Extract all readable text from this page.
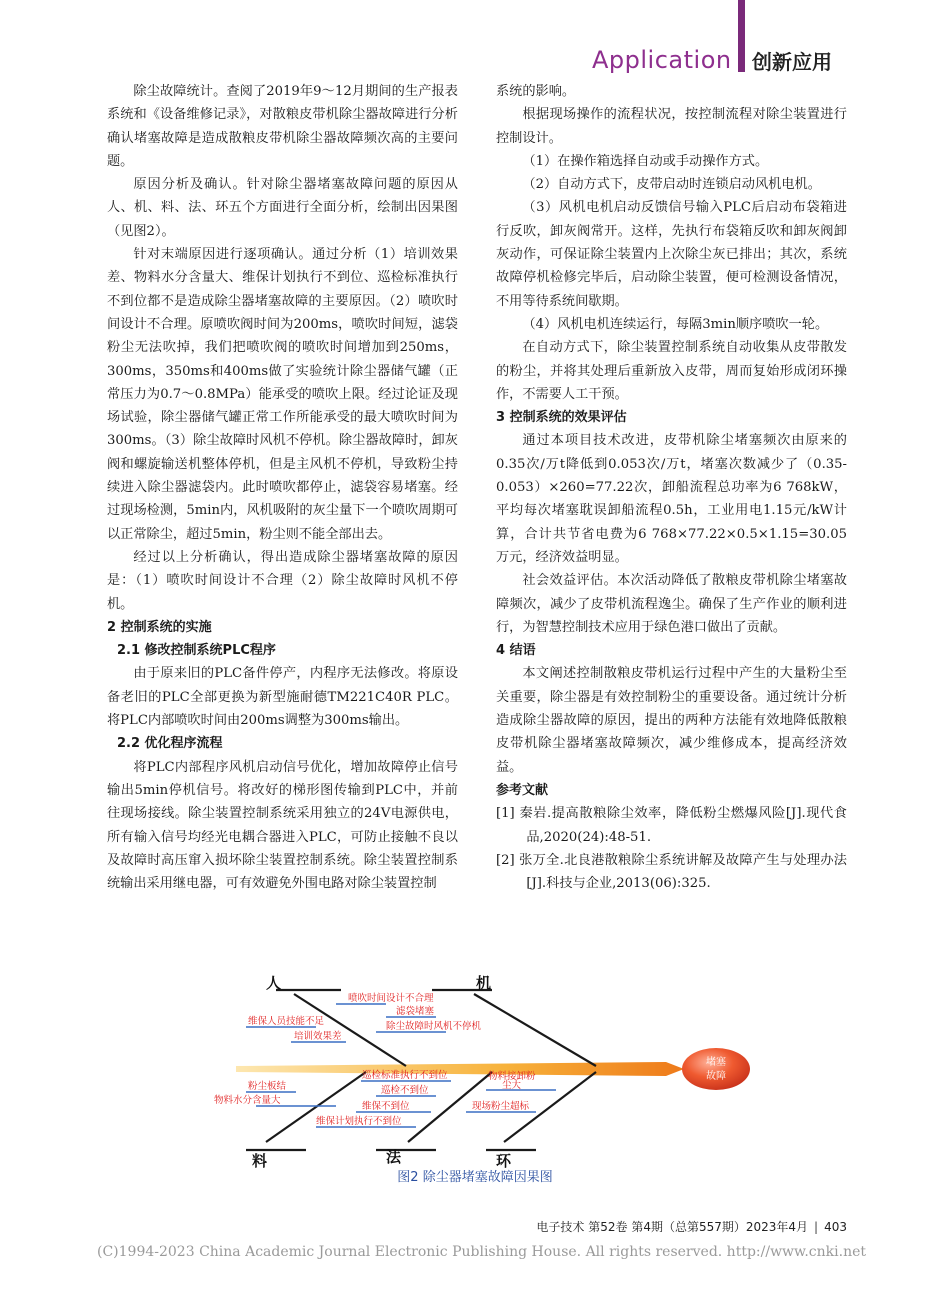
Application 创新应用

除尘故障统计。查阅了2019年9～12月期间的生产报表系统和《设备维修记录》，对散粮皮带机除尘器故障进行分析确认堵塞故障是造成散粮皮带机除尘器故障频次高的主要问题。

原因分析及确认。针对除尘器堵塞故障问题的原因从人、机、料、法、环五个方面进行全面分析，绘制出因果图（见图2）。

针对末端原因进行逐项确认。通过分析（1）培训效果差、物料水分含量大、维保计划执行不到位、巡检标准执行不到位都不是造成除尘器堵塞故障的主要原因。（2）喷吹时间设计不合理。原喷吹阀时间为200ms，喷吹时间短，滤袋粉尘无法吹掉，我们把喷吹阀的喷吹时间增加到250ms，300ms，350ms和400ms做了实验统计除尘器储气罐（正常压力为0.7～0.8MPa）能承受的喷吹上限。经过论证及现场试验，除尘器储气罐正常工作所能承受的最大喷吹时间为300ms。（3）除尘故障时风机不停机。除尘器故障时，卸灰阀和螺旋输送机整体停机，但是主风机不停机，导致粉尘持续进入除尘器滤袋内。此时喷吹都停止，滤袋容易堵塞。经过现场检测，5min内，风机吸附的灰尘量下一个喷吹周期可以正常除尘，超过5min，粉尘则不能全部出去。

经过以上分析确认，得出造成除尘器堵塞故障的原因是：（1）喷吹时间设计不合理（2）除尘故障时风机不停机。

2 控制系统的实施

2.1 修改控制系统PLC程序

由于原来旧的PLC备件停产，内程序无法修改。将原设备老旧的PLC全部更换为新型施耐德TM221C40R PLC。将PLC内部喷吹时间由200ms调整为300ms输出。

2.2 优化程序流程

将PLC内部程序风机启动信号优化，增加故障停止信号输出5min停机信号。将改好的梯形图传输到PLC中，并前往现场接线。除尘装置控制系统采用独立的24V电源供电，所有输入信号均经光电耦合器进入PLC，可防止接触不良以及故障时高压窜入损坏除尘装置控制系统。除尘装置控制系统输出采用继电器，可有效避免外围电路对除尘装置控制

系统的影响。

根据现场操作的流程状况，按控制流程对除尘装置进行控制设计。

（1）在操作箱选择自动或手动操作方式。

（2）自动方式下，皮带启动时连锁启动风机电机。

（3）风机电机启动反馈信号输入PLC后启动布袋箱进行反吹，卸灰阀常开。这样，先执行布袋箱反吹和卸灰阀卸灰动作，可保证除尘装置内上次除尘灰已排出；其次，系统故障停机检修完毕后，启动除尘装置，便可检测设备情况，不用等待系统间歇期。

（4）风机电机连续运行，每隔3min顺序喷吹一轮。

在自动方式下，除尘装置控制系统自动收集从皮带散发的粉尘，并将其处理后重新放入皮带，周而复始形成闭环操作，不需要人工干预。

3 控制系统的效果评估

通过本项目技术改进，皮带机除尘堵塞频次由原来的0.35次/万t降低到0.053次/万t，堵塞次数减少了（0.35-0.053）×260=77.22次，卸船流程总功率为6 768kW，平均每次堵塞耽误卸船流程0.5h，工业用电1.15元/kW计算，合计共节省电费为6 768×77.22×0.5×1.15=30.05万元，经济效益明显。

社会效益评估。本次活动降低了散粮皮带机除尘堵塞故障频次，减少了皮带机流程逸尘。确保了生产作业的顺利进行，为智慧控制技术应用于绿色港口做出了贡献。

4 结语

本文阐述控制散粮皮带机运行过程中产生的大量粉尘至关重要，除尘器是有效控制粉尘的重要设备。通过统计分析造成除尘器故障的原因，提出的两种方法能有效地降低散粮皮带机除尘器堵塞故障频次，减少维修成本，提高经济效益。

参考文献

[1] 秦岩.提高散粮除尘效率，降低粉尘燃爆风险[J].现代食品,2020(24):48-51.

[2] 张万全.北良港散粮除尘系统讲解及故障产生与处理办法[J].科技与企业,2013(06):325.

堵塞
故障
人	机
料	法	环
喷吹时间设计不合理
滤袋堵塞
维保人员技能不足	除尘故障时风机不停机
培训效果差
粉尘板结
巡检标准执行不到位	物料接卸粉
尘大
巡检不到位
物料水分含量大
维保不到位	现场粉尘超标
维保计划执行不到位
图2 除尘器堵塞故障因果图
电子技术 第52卷 第4期（总第557期）2023年4月 | 403
(C)1994-2023 China Academic Journal Electronic Publishing House. All rights reserved. http://www.cnki.net
